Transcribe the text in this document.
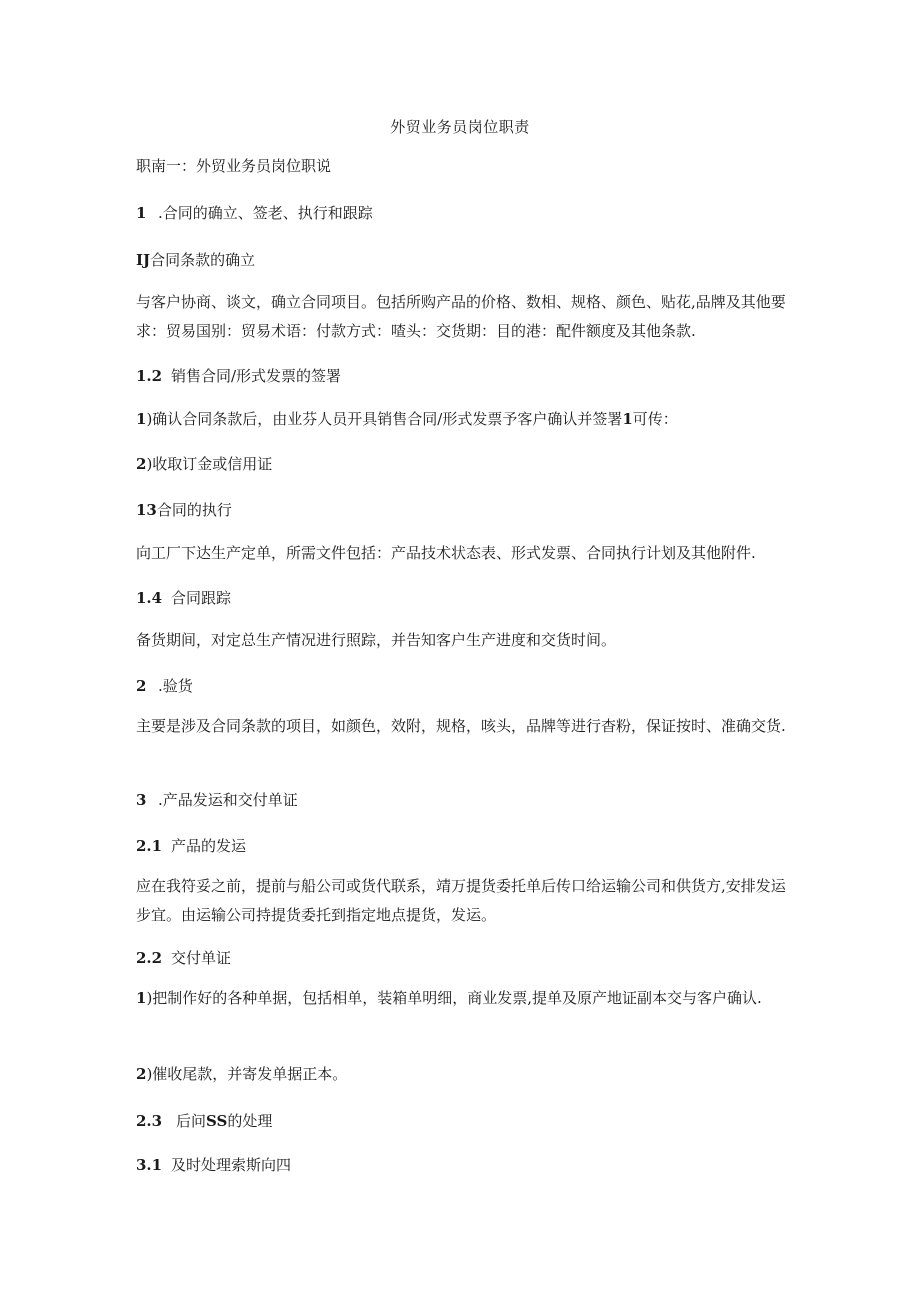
外贸业务员岗位职责
职南一：外贸业务员岗位职说
1 .合同的确立、签老、执行和跟踪
IJ合同条款的确立
与客户协商、谈文，确立合同项目。包括所购产品的价格、数相、规格、颜色、贴花,品牌及其他要求：贸易国别：贸易术语：付款方式：喳头：交货期：目的港：配件额度及其他条款.
1.2 销售合同/形式发票的签署
1)确认合同条款后，由业芬人员开具销售合同/形式发票予客户确认并签署1可传：
2)收取订金或信用证
13合同的执行
向工厂下达生产定单，所需文件包括：产品技术状态表、形式发票、合同执行计划及其他附件.
1.4 合同跟踪
备货期间，对定总生产情况进行照踪，并告知客户生产进度和交货时间。
2 .验货
主要是涉及合同条款的项目，如颜色，效附，规格，咳头，品牌等进行杳粉，保证按时、准确交货.
3 .产品发运和交付单证
2.1 产品的发运
应在我符妥之前，提前与船公司或货代联系，靖万提货委托单后传口给运输公司和供货方,安排发运步宜。由运输公司持提货委托到指定地点提货，发运。
2.2 交付单证
1)把制作好的各种单据，包括相单，装箱单明细，商业发票,提单及原产地证副本交与客户确认.
2)催收尾款，并寄发单据正本。
2.3 后问SS的处理
3.1 及时处理索斯向四
